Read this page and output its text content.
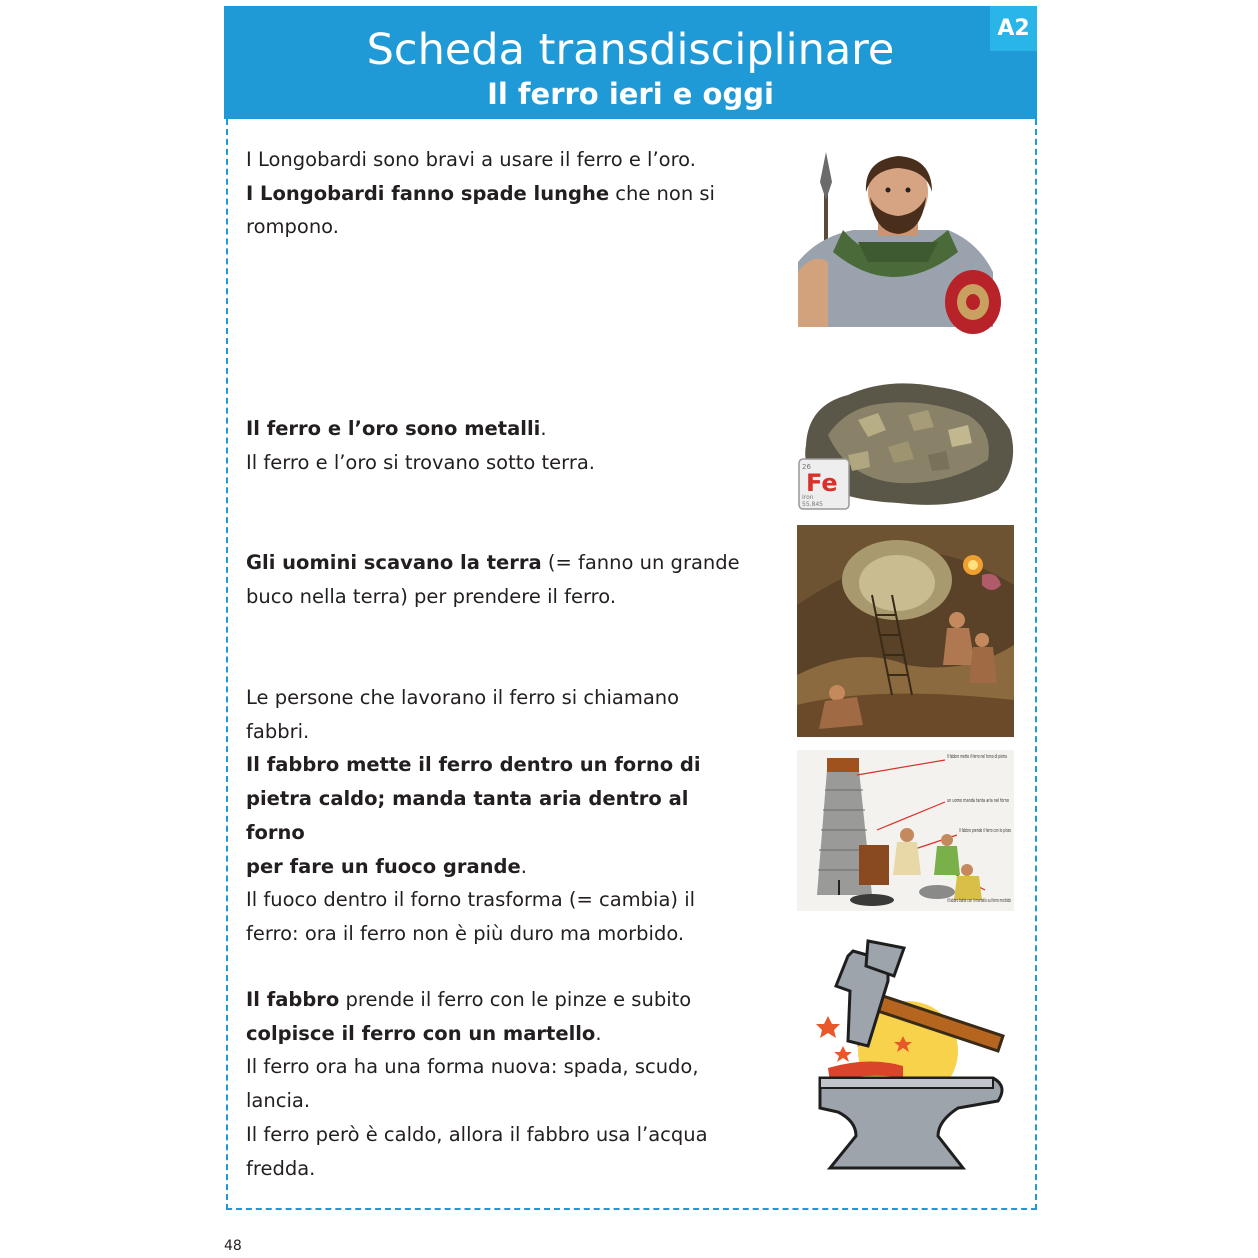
Scheda transdisciplinare
Il ferro ieri e oggi
A2
I Longobardi sono bravi a usare il ferro e l’oro.
I Longobardi fanno spade lunghe che non si
rompono.
Il ferro e l’oro sono metalli.
Il ferro e l’oro si trovano sotto terra.
Gli uomini scavano la terra (= fanno un grande
buco nella terra) per prendere il ferro.
Le persone che lavorano il ferro si chiamano
fabbri.
Il fabbro mette il ferro dentro un forno di
pietra caldo; manda tanta aria dentro al forno
per fare un fuoco grande.
Il fuoco dentro il forno trasforma (= cambia) il
ferro: ora il ferro non è più duro ma morbido.
Il fabbro prende il ferro con le pinze e subito
colpisce il ferro con un martello.
Il ferro ora ha una forma nuova: spada, scudo,
lancia.
Il ferro però è caldo, allora il fabbro usa l’acqua
fredda.
26
Fe
Iron
55.845
Il fabbro mette il ferro nel forno di pietra
un uomo manda tanta aria nel forno
Il fabbro prende il ferro con le pinze
Il fabbro batte con il martello sul ferro morbido
48
